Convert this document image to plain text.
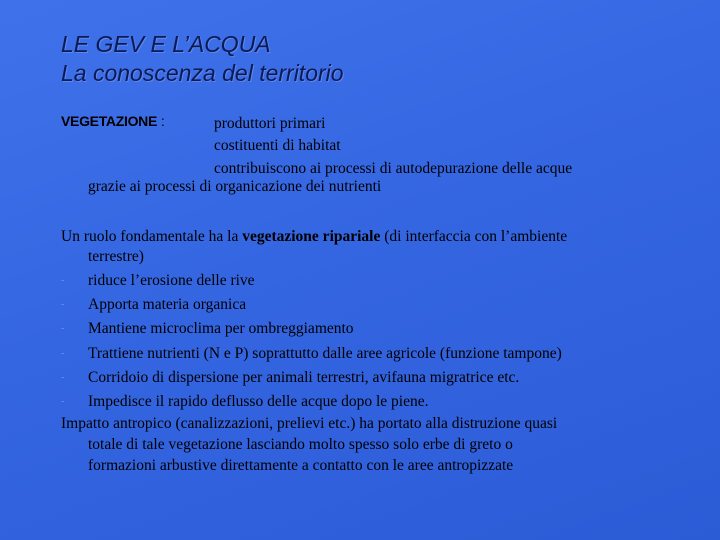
LE GEV E L’ACQUA
La conoscenza del territorio
VEGETAZIONE :	produttori primari
costituenti di habitat
contribuiscono ai processi di autodepurazione delle acque
grazie ai processi di organicazione dei nutrienti
Un ruolo fondamentale ha la vegetazione ripariale (di interfaccia con l’ambiente
terrestre)
- riduce l’erosione delle rive
- Apporta materia organica
- Mantiene microclima per ombreggiamento
- Trattiene nutrienti (N e P) soprattutto dalle aree agricole (funzione tampone)
- Corridoio di dispersione per animali terrestri, avifauna migratrice etc.
- Impedisce il rapido deflusso delle acque dopo le piene.
Impatto antropico (canalizzazioni, prelievi etc.) ha portato alla distruzione quasi
totale di tale vegetazione lasciando molto spesso solo erbe di greto o
formazioni arbustive direttamente a contatto con le aree antropizzate
